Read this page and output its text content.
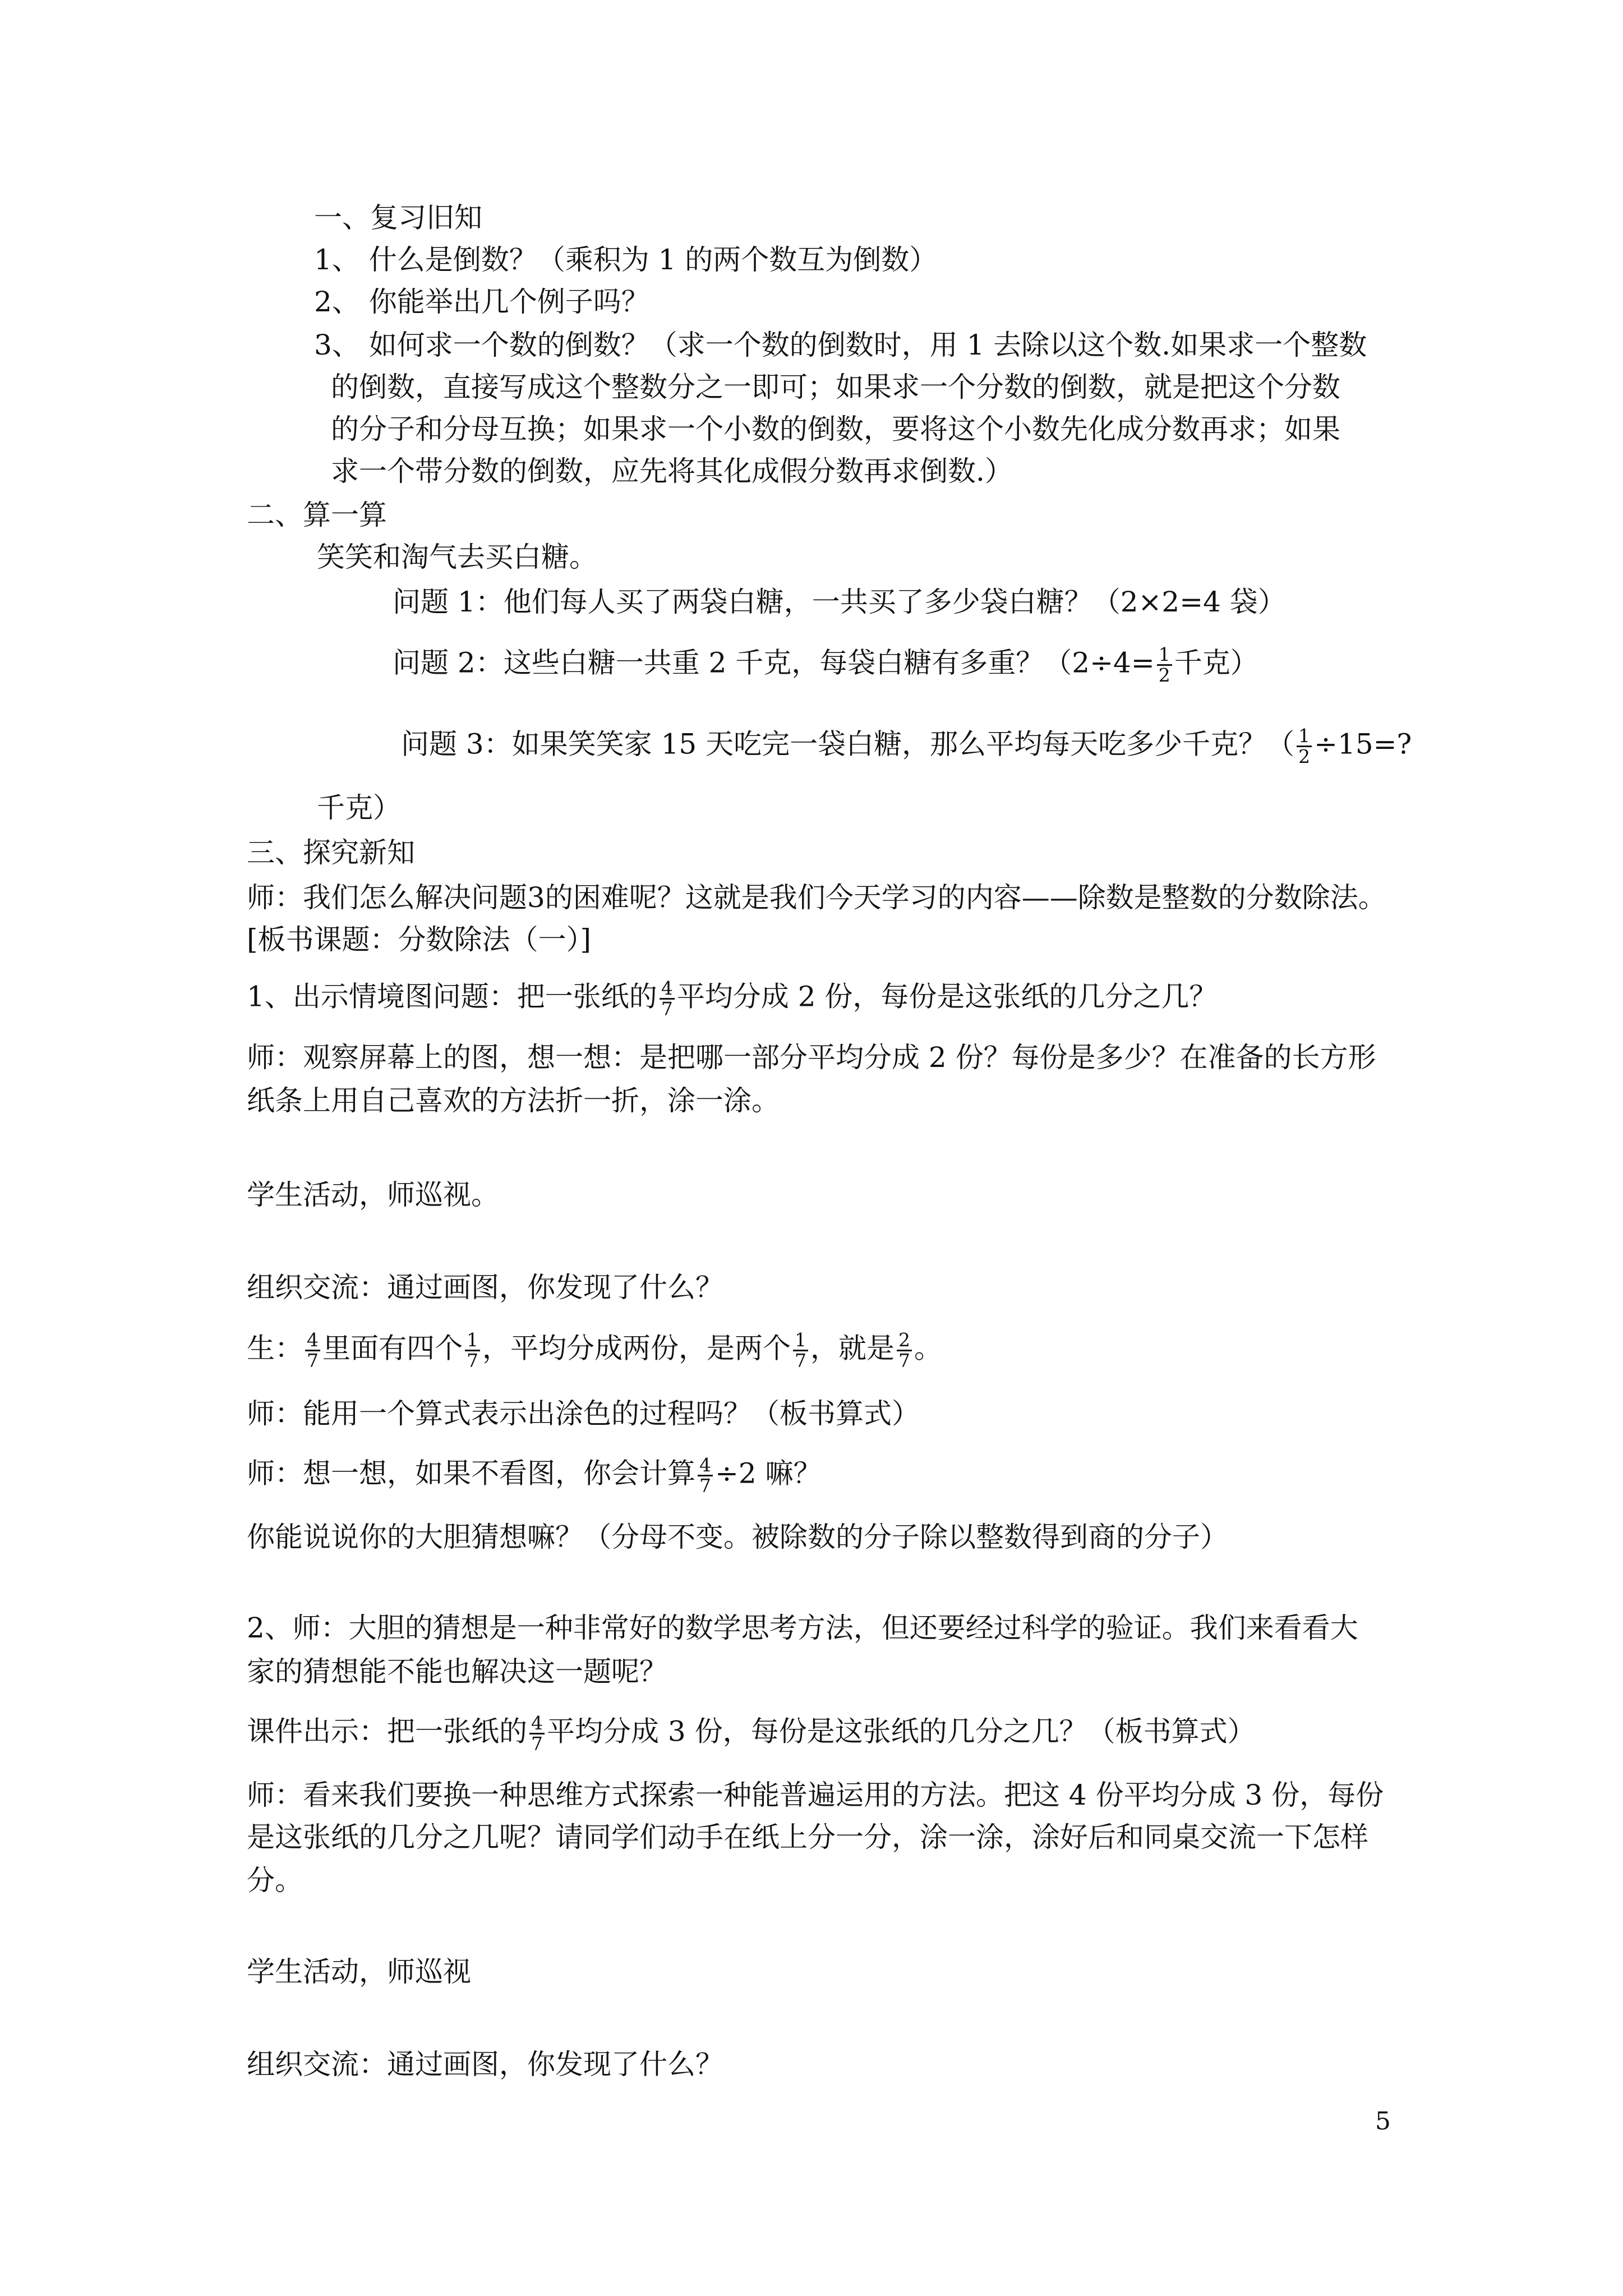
一、复习旧知
1、 什么是倒数？（乘积为 1 的两个数互为倒数）
2、 你能举出几个例子吗？
3、 如何求一个数的倒数？（求一个数的倒数时，用 1 去除以这个数.如果求一个整数
的倒数，直接写成这个整数分之一即可；如果求一个分数的倒数，就是把这个分数
的分子和分母互换；如果求一个小数的倒数，要将这个小数先化成分数再求；如果
求一个带分数的倒数，应先将其化成假分数再求倒数.）
二、算一算
笑笑和淘气去买白糖。
问题 1：他们每人买了两袋白糖，一共买了多少袋白糖？（2×2=4 袋）
问题 2：这些白糖一共重 2 千克，每袋白糖有多重？（$2\div 4= \frac{1}{2}$ 千克）
问题 3：如果笑笑家 15 天吃完一袋白糖，那么平均每天吃多少千克？（ $\frac{1}{2} \div 15=$?
千克）
三、探究新知
师：我们怎么解决问题3的困难呢？这就是我们今天学习的内容——除数是整数的分数除法。
[板书课题：分数除法（一）]
1、出示情境图问题：把一张纸的 $\frac{4}{7}$ 平均分成 2 份，每份是这张纸的几分之几？
师：观察屏幕上的图，想一想：是把哪一部分平均分成 2 份？每份是多少？在准备的长方形
纸条上用自己喜欢的方法折一折，涂一涂。
学生活动，师巡视。
组织交流：通过画图，你发现了什么？
生： $\frac{4}{7}$ 里面有四个 $\frac{1}{7}$ ，平均分成两份，是两个 $\frac{1}{7}$ ，就是 $\frac{2}{7}$ 。
师：能用一个算式表示出涂色的过程吗？（板书算式）
师：想一想，如果不看图，你会计算 $\frac{4}{7} \div 2$ 嘛？
你能说说你的大胆猜想嘛？（分母不变。被除数的分子除以整数得到商的分子）
2、师：大胆的猜想是一种非常好的数学思考方法，但还要经过科学的验证。我们来看看大
家的猜想能不能也解决这一题呢？
课件出示：把一张纸的 $\frac{4}{7}$ 平均分成 3 份，每份是这张纸的几分之几？（板书算式）
师：看来我们要换一种思维方式探索一种能普遍运用的方法。把这 4 份平均分成 3 份，每份
是这张纸的几分之几呢？请同学们动手在纸上分一分，涂一涂，涂好后和同桌交流一下怎样
分。
学生活动，师巡视
组织交流：通过画图，你发现了什么？
5
